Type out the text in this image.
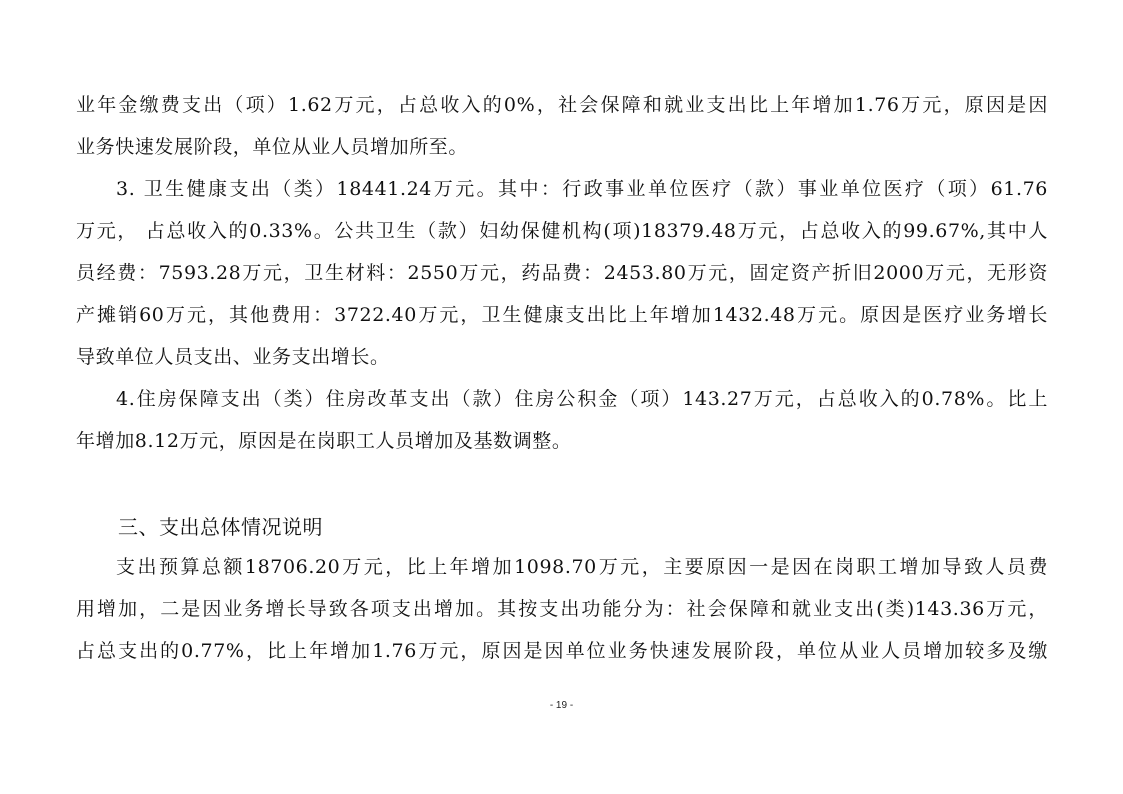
业年金缴费支出（项）1.62万元，占总收入的0%，社会保障和就业支出比上年增加1.76万元，原因是因
业务快速发展阶段，单位从业人员增加所至。
3. 卫生健康支出（类）18441.24万元。其中：行政事业单位医疗（款）事业单位医疗（项）61.76
万元， 占总收入的0.33%。公共卫生（款）妇幼保健机构(项)18379.48万元，占总收入的99.67%,其中人
员经费：7593.28万元，卫生材料：2550万元，药品费：2453.80万元，固定资产折旧2000万元，无形资
产摊销60万元，其他费用：3722.40万元，卫生健康支出比上年增加1432.48万元。原因是医疗业务增长
导致单位人员支出、业务支出增长。
4.住房保障支出（类）住房改革支出（款）住房公积金（项）143.27万元，占总收入的0.78%。比上
年增加8.12万元，原因是在岗职工人员增加及基数调整。
三、支出总体情况说明
支出预算总额18706.20万元，比上年增加1098.70万元，主要原因一是因在岗职工增加导致人员费
用增加，二是因业务增长导致各项支出增加。其按支出功能分为：社会保障和就业支出(类)143.36万元，
占总支出的0.77%，比上年增加1.76万元，原因是因单位业务快速发展阶段，单位从业人员增加较多及缴
- 19 -
